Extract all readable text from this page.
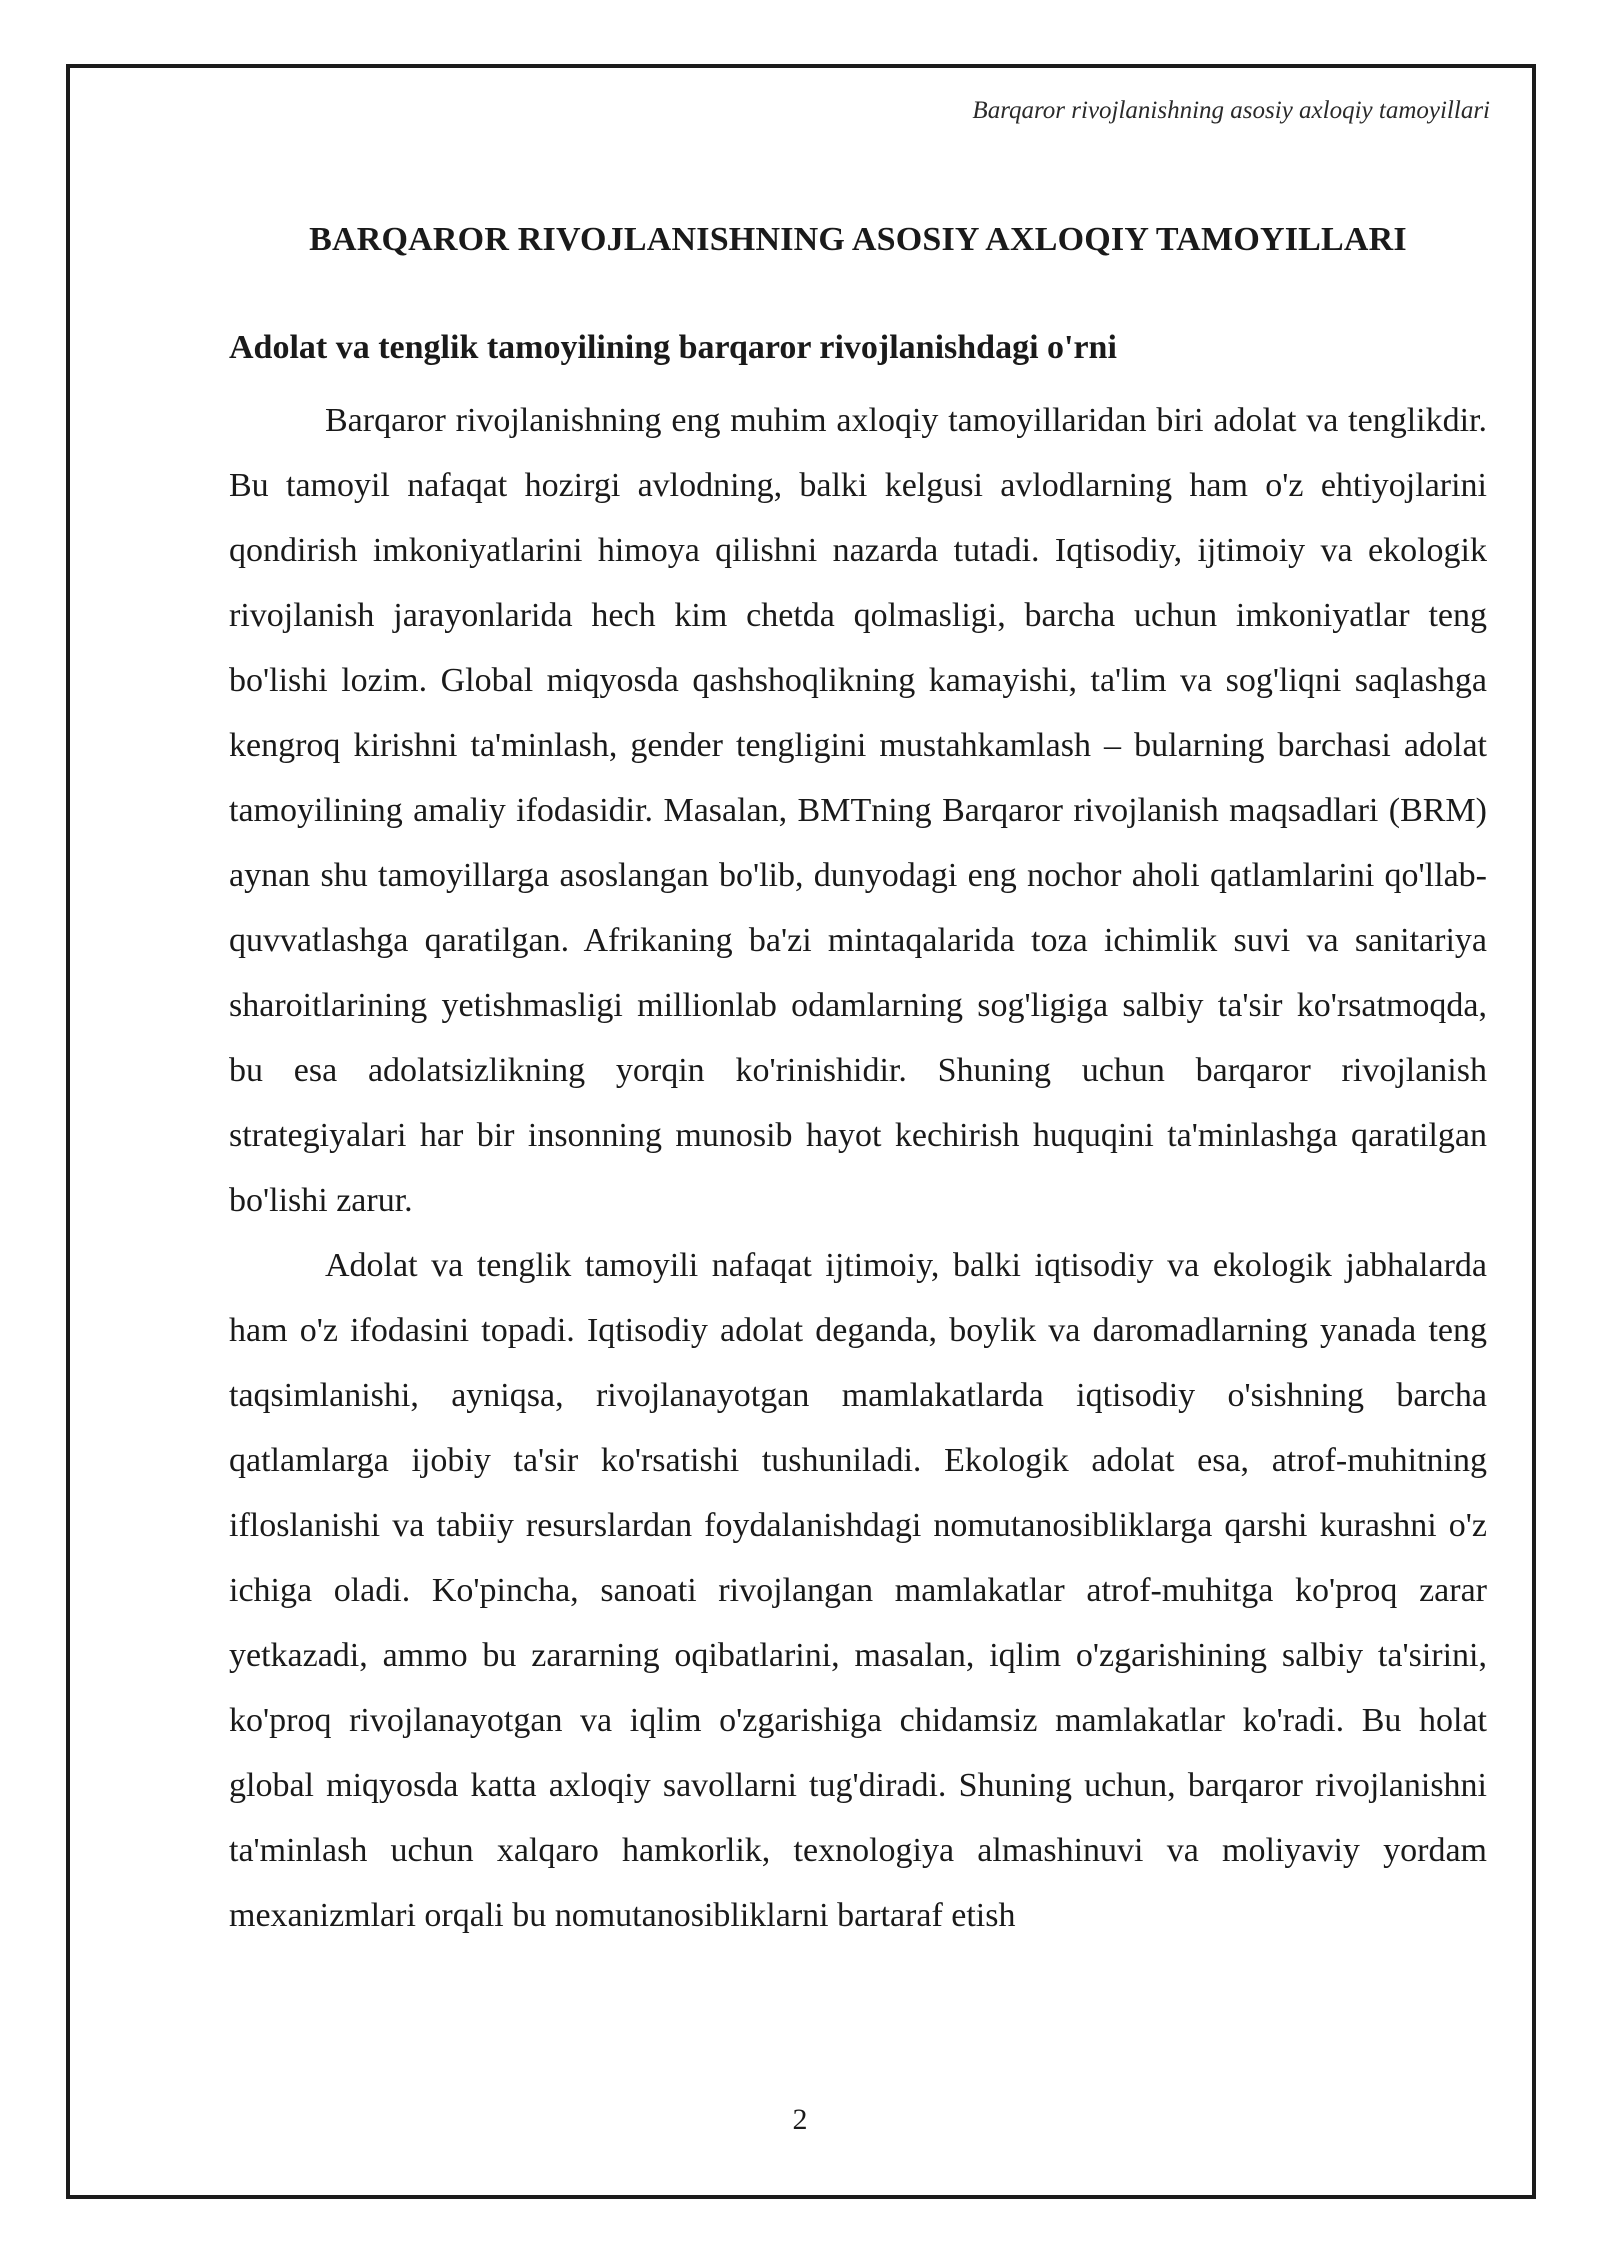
Barqaror rivojlanishning asosiy axloqiy tamoyillari
BARQAROR RIVOJLANISHNING ASOSIY AXLOQIY TAMOYILLARI
Adolat va tenglik tamoyilining barqaror rivojlanishdagi o'rni

Barqaror rivojlanishning eng muhim axloqiy tamoyillaridan biri adolat va tenglikdir. Bu tamoyil nafaqat hozirgi avlodning, balki kelgusi avlodlarning ham o'z ehtiyojlarini qondirish imkoniyatlarini himoya qilishni nazarda tutadi. Iqtisodiy, ijtimoiy va ekologik rivojlanish jarayonlarida hech kim chetda qolmasligi, barcha uchun imkoniyatlar teng bo'lishi lozim. Global miqyosda qashshoqlikning kamayishi, ta'lim va sog'liqni saqlashga kengroq kirishni ta'minlash, gender tengligini mustahkamlash – bularning barchasi adolat tamoyilining amaliy ifodasidir. Masalan, BMTning Barqaror rivojlanish maqsadlari (BRM) aynan shu tamoyillarga asoslangan bo'lib, dunyodagi eng nochor aholi qatlamlarini qo'llab-quvvatlashga qaratilgan. Afrikaning ba'zi mintaqalarida toza ichimlik suvi va sanitariya sharoitlarining yetishmasligi millionlab odamlarning sog'ligiga salbiy ta'sir ko'rsatmoqda, bu esa adolatsizlikning yorqin ko'rinishidir. Shuning uchun barqaror rivojlanish strategiyalari har bir insonning munosib hayot kechirish huquqini ta'minlashga qaratilgan bo'lishi zarur.

Adolat va tenglik tamoyili nafaqat ijtimoiy, balki iqtisodiy va ekologik jabhalarda ham o'z ifodasini topadi. Iqtisodiy adolat deganda, boylik va daromadlarning yanada teng taqsimlanishi, ayniqsa, rivojlanayotgan mamlakatlarda iqtisodiy o'sishning barcha qatlamlarga ijobiy ta'sir ko'rsatishi tushuniladi. Ekologik adolat esa, atrof-muhitning ifloslanishi va tabiiy resurslardan foydalanishdagi nomutanosibliklarga qarshi kurashni o'z ichiga oladi. Ko'pincha, sanoati rivojlangan mamlakatlar atrof-muhitga ko'proq zarar yetkazadi, ammo bu zararning oqibatlarini, masalan, iqlim o'zgarishining salbiy ta'sirini, ko'proq rivojlanayotgan va iqlim o'zgarishiga chidamsiz mamlakatlar ko'radi. Bu holat global miqyosda katta axloqiy savollarni tug'diradi. Shuning uchun, barqaror rivojlanishni ta'minlash uchun xalqaro hamkorlik, texnologiya almashinuvi va moliyaviy yordam mexanizmlari orqali bu nomutanosibliklarni bartaraf etish

2
